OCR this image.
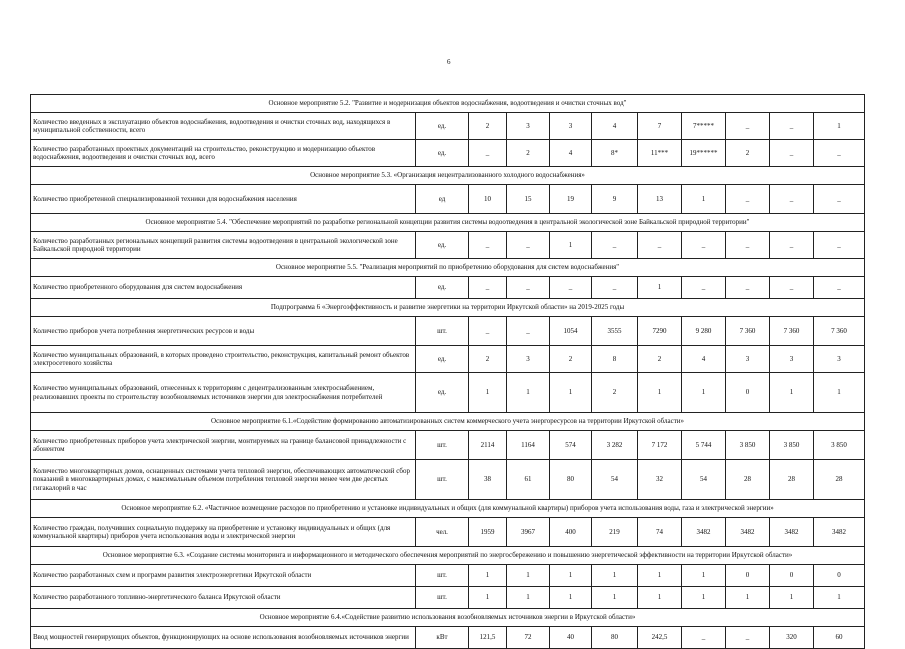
6
Основное мероприятие 5.2. "Развитие и модернизация объектов водоснабжения, водоотведения и очистки сточных вод"										
Количество введенных в эксплуатацию объектов водоснабжения, водоотведения и очистки сточных вод, находящихся в муниципальной собственности, всего	ед.	2	3	3	4	7	7*****	_	_	1
Количество разработанных проектных документаций на строительство, реконструкцию и модернизацию объектов водоснабжения, водоотведения и очистки сточных вод, всего	ед.	_	2	4	8*	11***	19******	2	_	_
Основное мероприятие 5.3. «Организация нецентрализованного холодного водоснабжения»										
Количество приобретенной специализированной техники для водоснабжения населения	ед	10	15	19	9	13	1	_	_	_
Основное мероприятие 5.4. "Обеспечение мероприятий по разработке региональной концепции развития системы водоотведения в центральной экологической зоне Байкальской природной территории"										
Количество разработанных региональных концепций развития системы водоотведения в центральной экологической зоне Байкальской природной территории	ед.	_	_	1	_	_	_	_	_	_
Основное мероприятие 5.5. "Реализация мероприятий по приобретению оборудования для систем водоснабжения"										
Количество приобретенного оборудования для систем водоснабжения	ед.	_	_	_	_	1	_	_	_	_
Подпрограмма 6 «Энергоэффективность и развитие энергетики на территории Иркутской области» на 2019-2025 годы										
Количество приборов учета потребления энергетических ресурсов и воды	шт.	_	_	1054	3555	7290	9 280	7 360	7 360	7 360
Количество муниципальных образований, в которых проведено строительство, реконструкция, капитальный ремонт объектов электросетевого хозяйства	ед.	2	3	2	8	2	4	3	3	3
Количество муниципальных образований, отнесенных к территориям с децентрализованным электроснабжением, реализовавших проекты по строительству возобновляемых источников энергии для электроснабжения потребителей	ед.	1	1	1	2	1	1	0	1	1
Основное мероприятие 6.1.«Содействие формированию автоматизированных систем коммерческого учета энергоресурсов на территории Иркутской области»										
Количество приобретенных приборов учета электрической энергии, монтируемых на границе балансовой принадлежности с абонентом	шт.	2114	1164	574	3 282	7 172	5 744	3 850	3 850	3 850
Количество многоквартирных домов, оснащенных системами учета тепловой энергии, обеспечивающих автоматический сбор показаний в многоквартирных домах, с максимальным объемом потребления тепловой энергии менее чем две десятых гигакалорий в час	шт.	38	61	80	54	32	54	28	28	28
Основное мероприятие 6.2. «Частичное возмещение расходов по приобретению и установке индивидуальных и общих (для коммунальной квартиры) приборов учета использования воды, газа и электрической энергии»										
Количество граждан, получивших социальную поддержку на приобретение и установку индивидуальных и общих (для коммунальной квартиры) приборов учета использования воды и электрической энергии	чел.	1959	3967	400	219	74	3482	3482	3482	3482
Основное мероприятие 6.3. «Создание системы мониторинга и информационного и методического обеспечения мероприятий по энергосбережению и повышению энергетической эффективности на территории Иркутской области»										
Количество разработанных схем и программ развития электроэнергетики Иркутской области	шт.	1	1	1	1	1	1	0	0	0
Количество разработанного топливно-энергетического баланса Иркутской области	шт.	1	1	1	1	1	1	1	1	1
Основное мероприятие 6.4.«Содействие развитию использования возобновляемых источников энергии в Иркутской области»										
Ввод мощностей генерирующих объектов, функционирующих на основе использования возобновляемых источников энергии	кВт	121,5	72	40	80	242,5	_	_	320	60
